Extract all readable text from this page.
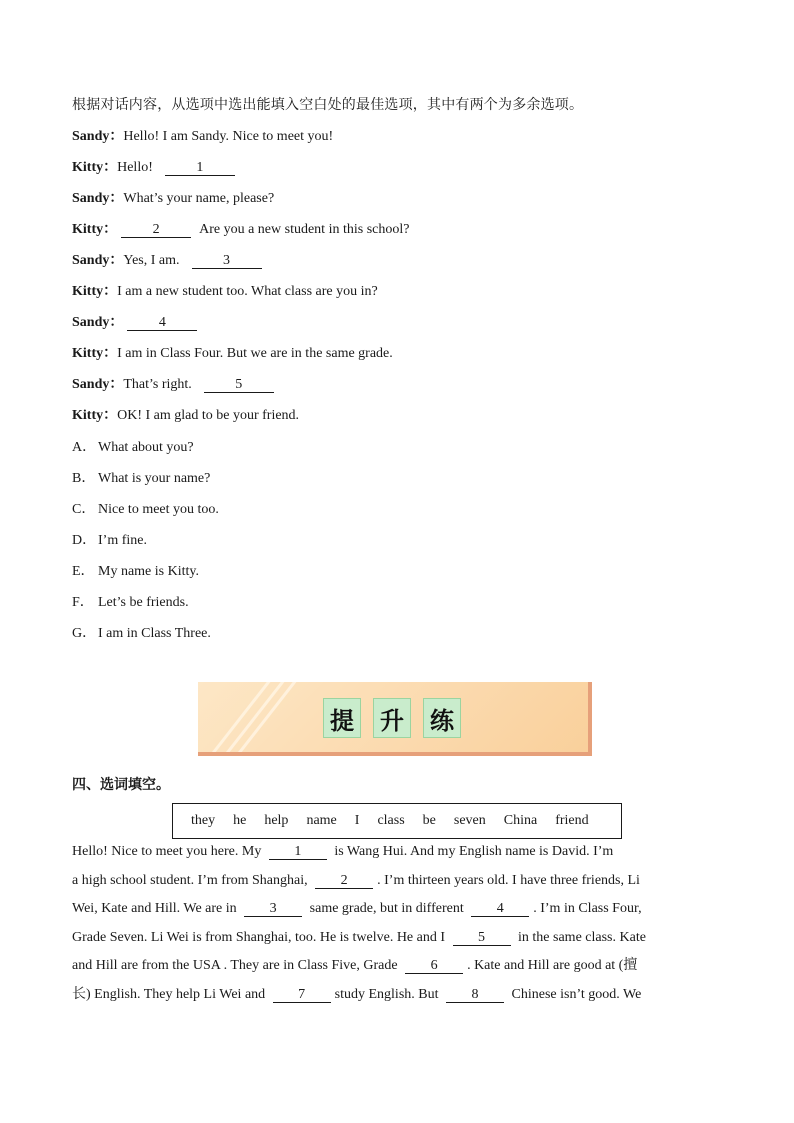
根据对话内容，从选项中选出能填入空白处的最佳选项，其中有两个为多余选项。
Sandy：Hello! I am Sandy. Nice to meet you!
Kitty：Hello!	1
Sandy：What’s your name, please?
Kitty：	2	Are you a new student in this school?
Sandy：Yes, I am.	3
Kitty：I am a new student too. What class are you in?
Sandy：	4
Kitty：I am in Class Four. But we are in the same grade.
Sandy：That’s right.	5
Kitty：OK! I am glad to be your friend.
A． What about you?
B． What is your name?
C． Nice to meet you too.
D． I’m fine.
E． My name is Kitty.
F． Let’s be friends.
G． I am in Class Three.
提 升 练
四、选词填空。
they he help name I class be seven China friend
Hello! Nice to meet you here. My 1 is Wang Hui. And my English name is David. I’m
a high school student. I’m from Shanghai, 2 . I’m thirteen years old. I have three friends, Li
Wei, Kate and Hill. We are in 3 same grade, but in different 4 . I’m in Class Four,
Grade Seven. Li Wei is from Shanghai, too. He is twelve. He and I 5 in the same class. Kate
and Hill are from the USA . They are in Class Five, Grade 6 . Kate and Hill are good at (擅
长) English. They help Li Wei and 7 study English. But 8 Chinese isn’t good. We
